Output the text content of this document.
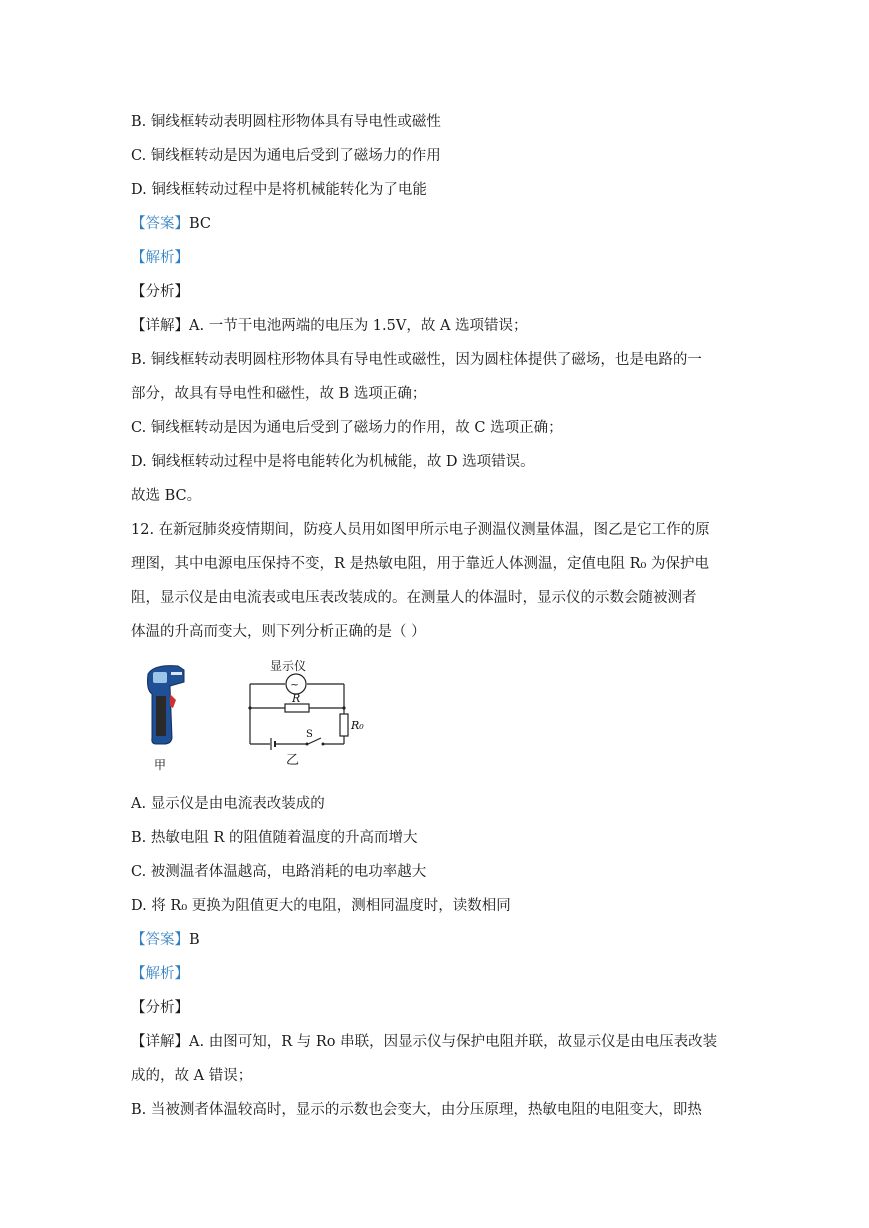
B. 铜线框转动表明圆柱形物体具有导电性或磁性
C. 铜线框转动是因为通电后受到了磁场力的作用
D. 铜线框转动过程中是将机械能转化为了电能
【答案】BC
【解析】
【分析】
【详解】A. 一节干电池两端的电压为 1.5V，故 A 选项错误；
B. 铜线框转动表明圆柱形物体具有导电性或磁性，因为圆柱体提供了磁场，也是电路的一
部分，故具有导电性和磁性，故 B 选项正确；
C. 铜线框转动是因为通电后受到了磁场力的作用，故 C 选项正确；
D. 铜线框转动过程中是将电能转化为机械能，故 D 选项错误。
故选 BC。
12. 在新冠肺炎疫情期间，防疫人员用如图甲所示电子测温仪测量体温，图乙是它工作的原
理图，其中电源电压保持不变，R 是热敏电阻，用于靠近人体测温，定值电阻 R₀ 为保护电
阻，显示仪是由电流表或电压表改装成的。在测量人的体温时，显示仪的示数会随被测者
体温的升高而变大，则下列分析正确的是（ ）
甲
~
显示仪
R
R₀
S
乙
A. 显示仪是由电流表改装成的
B. 热敏电阻 R 的阻值随着温度的升高而增大
C. 被测温者体温越高，电路消耗的电功率越大
D. 将 R₀ 更换为阻值更大的电阻，测相同温度时，读数相同
【答案】B
【解析】
【分析】
【详解】A. 由图可知，R 与 Ro 串联，因显示仪与保护电阻并联，故显示仪是由电压表改装
成的，故 A 错误；
B. 当被测者体温较高时，显示的示数也会变大，由分压原理，热敏电阻的电阻变大，即热
